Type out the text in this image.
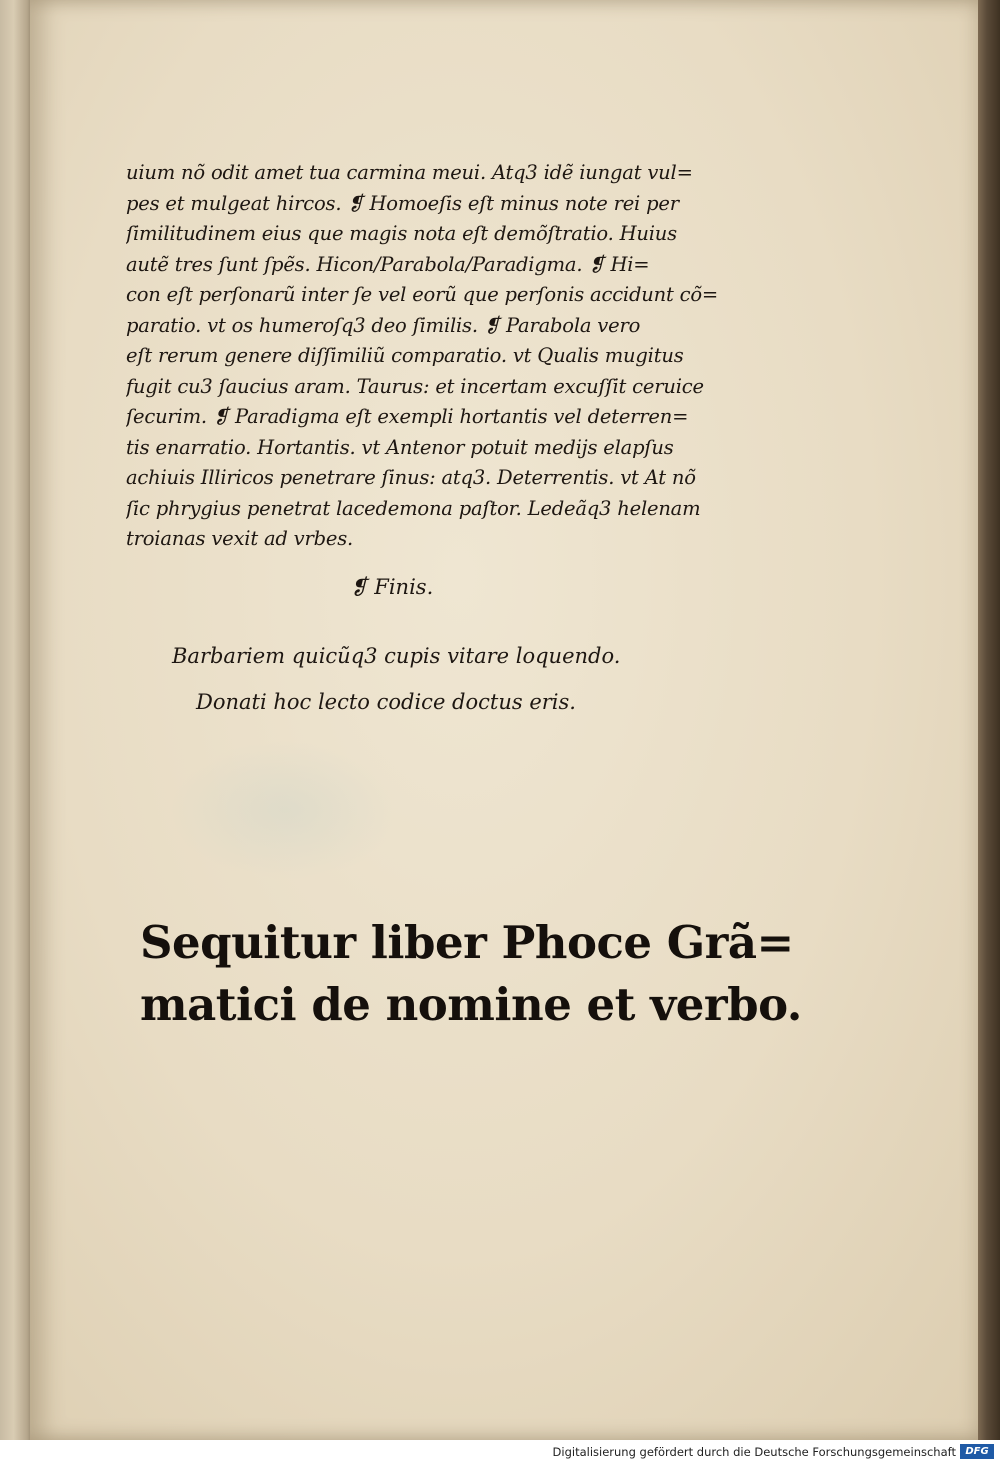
uium nõ odit amet tua carmina meui. Atq3 idẽ iungat vul=
pes et mulgeat hircos. ❡ Homoeſis eſt minus note rei per
ſimilitudinem eius que magis nota eſt demõſtratio. Huius
autẽ tres ſunt ſpẽs. Hicon/Parabola/Paradigma. ❡ Hi=
con eſt perſonarũ inter ſe vel eorũ que perſonis accidunt cõ=
paratio. vt os humeroſq3 deo ſimilis. ❡ Parabola vero
eſt rerum genere diſſimiliũ comparatio. vt Qualis mugitus
fugit cu3 ſaucius aram. Taurus: et incertam excuſſit ceruice
ſecurim. ❡ Paradigma eſt exempli hortantis vel deterren=
tis enarratio. Hortantis. vt Antenor potuit medijs elapſus
achiuis Illiricos penetrare ſinus: atq3. Deterrentis. vt At nõ
ſic phrygius penetrat lacedemona paſtor. Ledeãq3 helenam
troianas vexit ad vrbes.
❡ Finis.
Barbariem quicũq3 cupis vitare loquendo.
Donati hoc lecto codice doctus eris.
Sequitur liber Phoce Grã=
matici de nomine et verbo.
Digitalisierung gefördert durch die Deutsche Forschungsgemeinschaft DFG
